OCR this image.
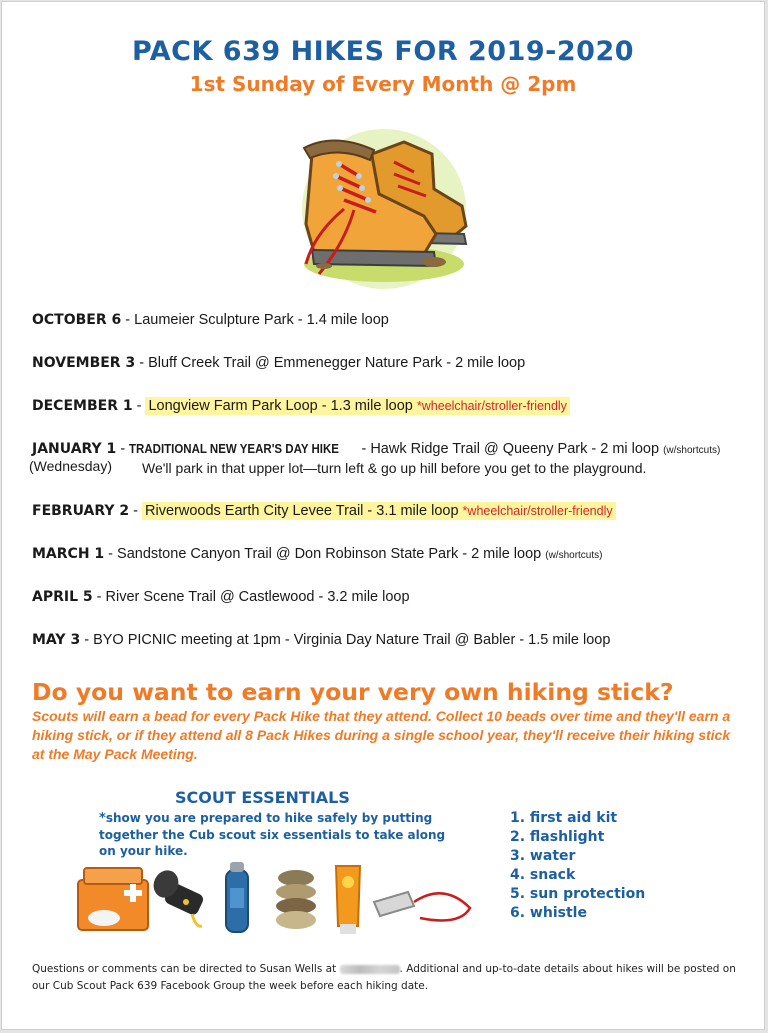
PACK 639 HIKES FOR 2019-2020
1st Sunday of Every Month @ 2pm
OCTOBER 6 - Laumeier Sculpture Park - 1.4 mile loop
NOVEMBER 3 - Bluff Creek Trail @ Emmenegger Nature Park - 2 mile loop
DECEMBER 1 - Longview Farm Park Loop - 1.3 mile loop *wheelchair/stroller-friendly
JANUARY 1 - TRADITIONAL NEW YEAR'S DAY HIKE - Hawk Ridge Trail @ Queeny Park - 2 mi loop (w/shortcuts)
(Wednesday) We'll park in that upper lot—turn left & go up hill before you get to the playground.
FEBRUARY 2 - Riverwoods Earth City Levee Trail - 3.1 mile loop *wheelchair/stroller-friendly
MARCH 1 - Sandstone Canyon Trail @ Don Robinson State Park - 2 mile loop (w/shortcuts)
APRIL 5 - River Scene Trail @ Castlewood - 3.2 mile loop
MAY 3 - BYO PICNIC meeting at 1pm - Virginia Day Nature Trail @ Babler - 1.5 mile loop
Do you want to earn your very own hiking stick?
Scouts will earn a bead for every Pack Hike that they attend. Collect 10 beads over time and they'll earn a hiking stick, or if they attend all 8 Pack Hikes during a single school year, they'll receive their hiking stick at the May Pack Meeting.
SCOUT ESSENTIALS
*show you are prepared to hike safely by putting together the Cub scout six essentials to take along on your hike.
1. first aid kit
2. flashlight
3. water
4. snack
5. sun protection
6. whistle
Questions or comments can be directed to Susan Wells at	. Additional and up-to-date details about hikes will be posted on our Cub Scout Pack 639 Facebook Group the week before each hiking date.
